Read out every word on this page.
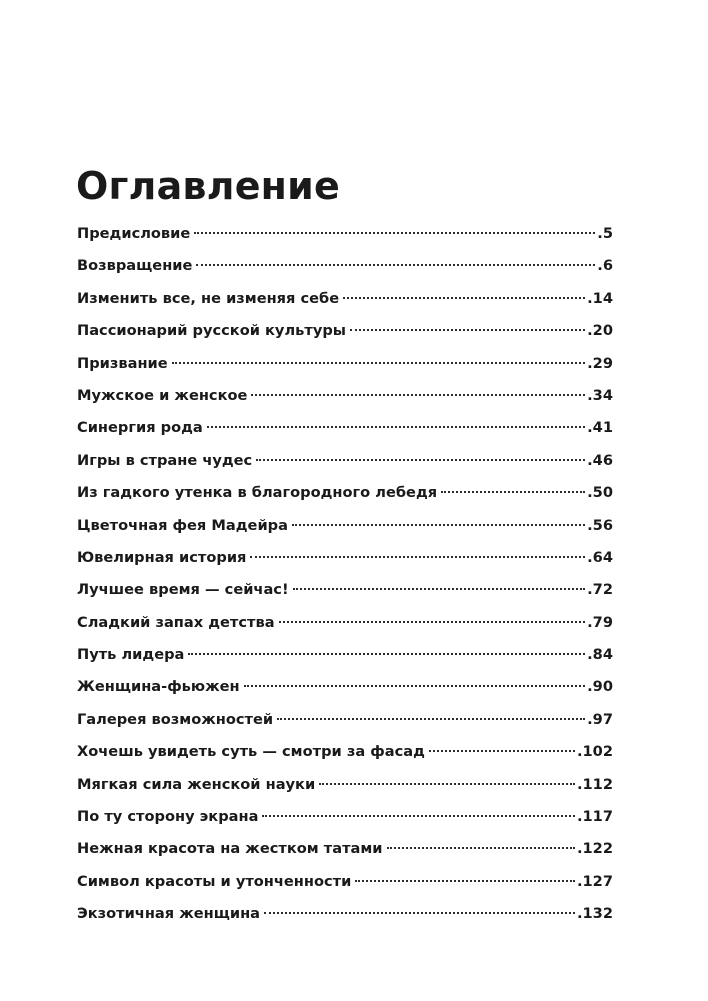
Оглавление
Предисловие	.5
Возвращение	.6
Изменить все, не изменяя себе	.14
Пассионарий русской культуры	.20
Призвание	.29
Мужское и женское	.34
Синергия рода	.41
Игры в стране чудес	.46
Из гадкого утенка в благородного лебедя	.50
Цветочная фея Мадейра	.56
Ювелирная история	.64
Лучшее время — сейчас!	.72
Сладкий запах детства	.79
Путь лидера	.84
Женщина-фьюжен	.90
Галерея возможностей	.97
Хочешь увидеть суть — смотри за фасад	.102
Мягкая сила женской науки	.112
По ту сторону экрана	.117
Нежная красота на жестком татами	.122
Символ красоты и утонченности	.127
Экзотичная женщина	.132
